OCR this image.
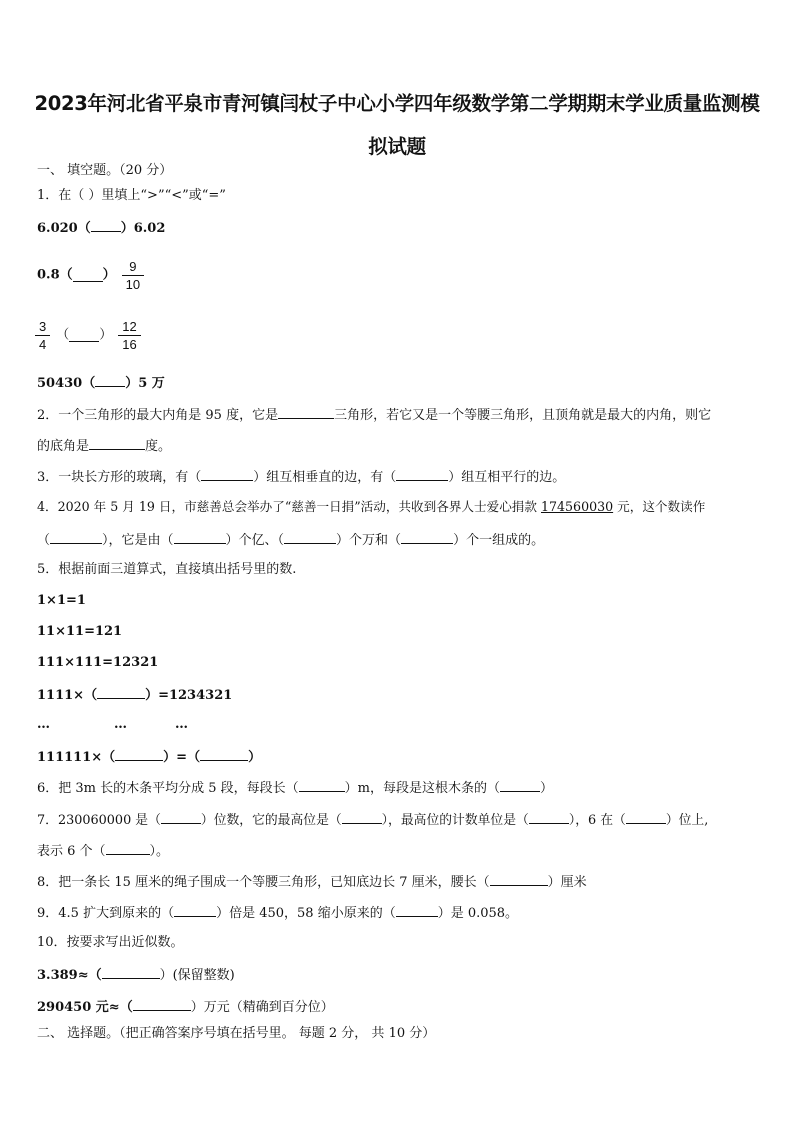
2023年河北省平泉市青河镇闫杖子中心小学四年级数学第二学期期末学业质量监测模
拟试题
一、 填空题。（20 分）
1．在（ ）里填上“>”“<”或“=”
6.020（ ）6.02
0.8（ ） $\frac{9}{10}$
$\frac{3}{4}$ （ ） $\frac{12}{16}$
50430（ ）5 万
2．一个三角形的最大内角是 95 度，它是	三角形，若它又是一个等腰三角形，且顶角就是最大的内角，则它
的底角是	度。
3．一块长方形的玻璃，有（	）组互相垂直的边，有（	）组互相平行的边。
4．2020 年 5 月 19 日，市慈善总会举办了“慈善一日捐”活动，共收到各界人士爱心捐款 174560030 元，这个数读作
（	），它是由（	）个亿、（	）个万和（	）个一组成的。
5．根据前面三道算式，直接填出括号里的数.
1×1=1
11×11=121
111×111=12321
1111×（	）=1234321
…	…	…
111111×（	）=（	）
6．把 3m 长的木条平均分成 5 段，每段长（	）m，每段是这根木条的（	）
7．230060000 是（	）位数，它的最高位是（	），最高位的计数单位是（	），6 在（	）位上,
表示 6 个（	）。
8．把一条长 15 厘米的绳子围成一个等腰三角形，已知底边长 7 厘米，腰长（	）厘米
9．4.5 扩大到原来的（	）倍是 450，58 缩小原来的（	）是 0.058。
10．按要求写出近似数。
3.389≈（	）(保留整数)
290450 元≈（	）万元（精确到百分位）
二、 选择题。（把正确答案序号填在括号里。 每题 2 分， 共 10 分）
